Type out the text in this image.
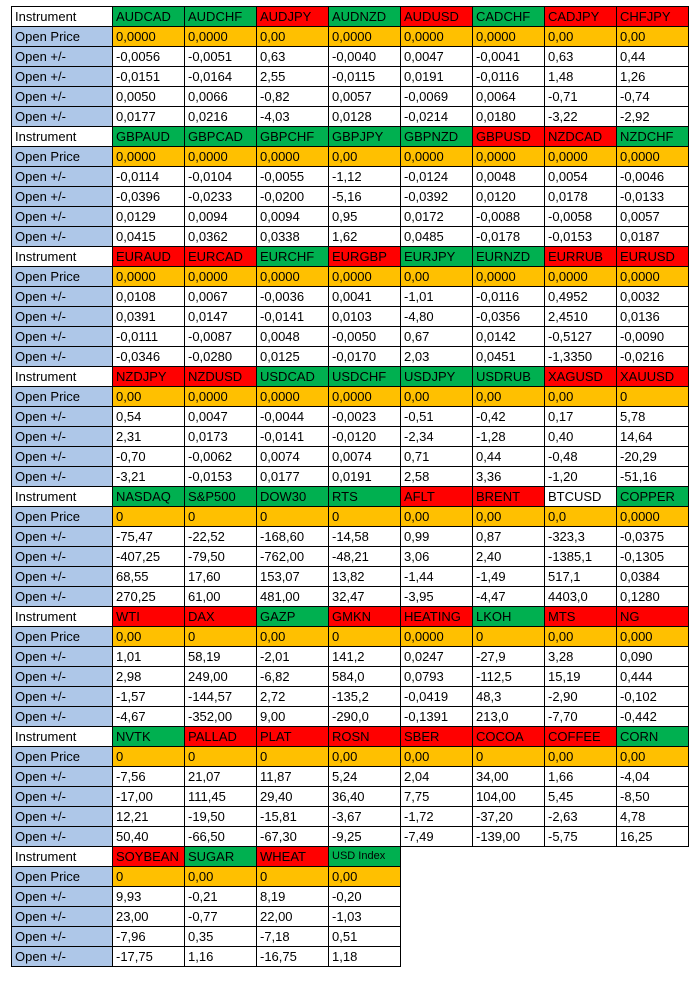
Instrument	AUDCAD	AUDCHF	AUDJPY	AUDNZD	AUDUSD	CADCHF	CADJPY	CHFJPY
Open Price	0,0000	0,0000	0,00	0,0000	0,0000	0,0000	0,00	0,00
Open +/-	-0,0056	-0,0051	0,63	-0,0040	0,0047	-0,0041	0,63	0,44
Open +/-	-0,0151	-0,0164	2,55	-0,0115	0,0191	-0,0116	1,48	1,26
Open +/-	0,0050	0,0066	-0,82	0,0057	-0,0069	0,0064	-0,71	-0,74
Open +/-	0,0177	0,0216	-4,03	0,0128	-0,0214	0,0180	-3,22	-2,92
Instrument	GBPAUD	GBPCAD	GBPCHF	GBPJPY	GBPNZD	GBPUSD	NZDCAD	NZDCHF
Open Price	0,0000	0,0000	0,0000	0,00	0,0000	0,0000	0,0000	0,0000
Open +/-	-0,0114	-0,0104	-0,0055	-1,12	-0,0124	0,0048	0,0054	-0,0046
Open +/-	-0,0396	-0,0233	-0,0200	-5,16	-0,0392	0,0120	0,0178	-0,0133
Open +/-	0,0129	0,0094	0,0094	0,95	0,0172	-0,0088	-0,0058	0,0057
Open +/-	0,0415	0,0362	0,0338	1,62	0,0485	-0,0178	-0,0153	0,0187
Instrument	EURAUD	EURCAD	EURCHF	EURGBP	EURJPY	EURNZD	EURRUB	EURUSD
Open Price	0,0000	0,0000	0,0000	0,0000	0,00	0,0000	0,0000	0,0000
Open +/-	0,0108	0,0067	-0,0036	0,0041	-1,01	-0,0116	0,4952	0,0032
Open +/-	0,0391	0,0147	-0,0141	0,0103	-4,80	-0,0356	2,4510	0,0136
Open +/-	-0,0111	-0,0087	0,0048	-0,0050	0,67	0,0142	-0,5127	-0,0090
Open +/-	-0,0346	-0,0280	0,0125	-0,0170	2,03	0,0451	-1,3350	-0,0216
Instrument	NZDJPY	NZDUSD	USDCAD	USDCHF	USDJPY	USDRUB	XAGUSD	XAUUSD
Open Price	0,00	0,0000	0,0000	0,0000	0,00	0,00	0,00	0
Open +/-	0,54	0,0047	-0,0044	-0,0023	-0,51	-0,42	0,17	5,78
Open +/-	2,31	0,0173	-0,0141	-0,0120	-2,34	-1,28	0,40	14,64
Open +/-	-0,70	-0,0062	0,0074	0,0074	0,71	0,44	-0,48	-20,29
Open +/-	-3,21	-0,0153	0,0177	0,0191	2,58	3,36	-1,20	-51,16
Instrument	NASDAQ	S&P500	DOW30	RTS	AFLT	BRENT	BTCUSD	COPPER
Open Price	0	0	0	0	0,00	0,00	0,0	0,0000
Open +/-	-75,47	-22,52	-168,60	-14,58	0,99	0,87	-323,3	-0,0375
Open +/-	-407,25	-79,50	-762,00	-48,21	3,06	2,40	-1385,1	-0,1305
Open +/-	68,55	17,60	153,07	13,82	-1,44	-1,49	517,1	0,0384
Open +/-	270,25	61,00	481,00	32,47	-3,95	-4,47	4403,0	0,1280
Instrument	WTI	DAX	GAZP	GMKN	HEATING	LKOH	MTS	NG
Open Price	0,00	0	0,00	0	0,0000	0	0,00	0,000
Open +/-	1,01	58,19	-2,01	141,2	0,0247	-27,9	3,28	0,090
Open +/-	2,98	249,00	-6,82	584,0	0,0793	-112,5	15,19	0,444
Open +/-	-1,57	-144,57	2,72	-135,2	-0,0419	48,3	-2,90	-0,102
Open +/-	-4,67	-352,00	9,00	-290,0	-0,1391	213,0	-7,70	-0,442
Instrument	NVTK	PALLAD	PLAT	ROSN	SBER	COCOA	COFFEE	CORN
Open Price	0	0	0	0,00	0,00	0	0,00	0,00
Open +/-	-7,56	21,07	11,87	5,24	2,04	34,00	1,66	-4,04
Open +/-	-17,00	111,45	29,40	36,40	7,75	104,00	5,45	-8,50
Open +/-	12,21	-19,50	-15,81	-3,67	-1,72	-37,20	-2,63	4,78
Open +/-	50,40	-66,50	-67,30	-9,25	-7,49	-139,00	-5,75	16,25
Instrument	SOYBEAN	SUGAR	WHEAT	USD Index				
Open Price	0	0,00	0	0,00				
Open +/-	9,93	-0,21	8,19	-0,20				
Open +/-	23,00	-0,77	22,00	-1,03				
Open +/-	-7,96	0,35	-7,18	0,51				
Open +/-	-17,75	1,16	-16,75	1,18				
